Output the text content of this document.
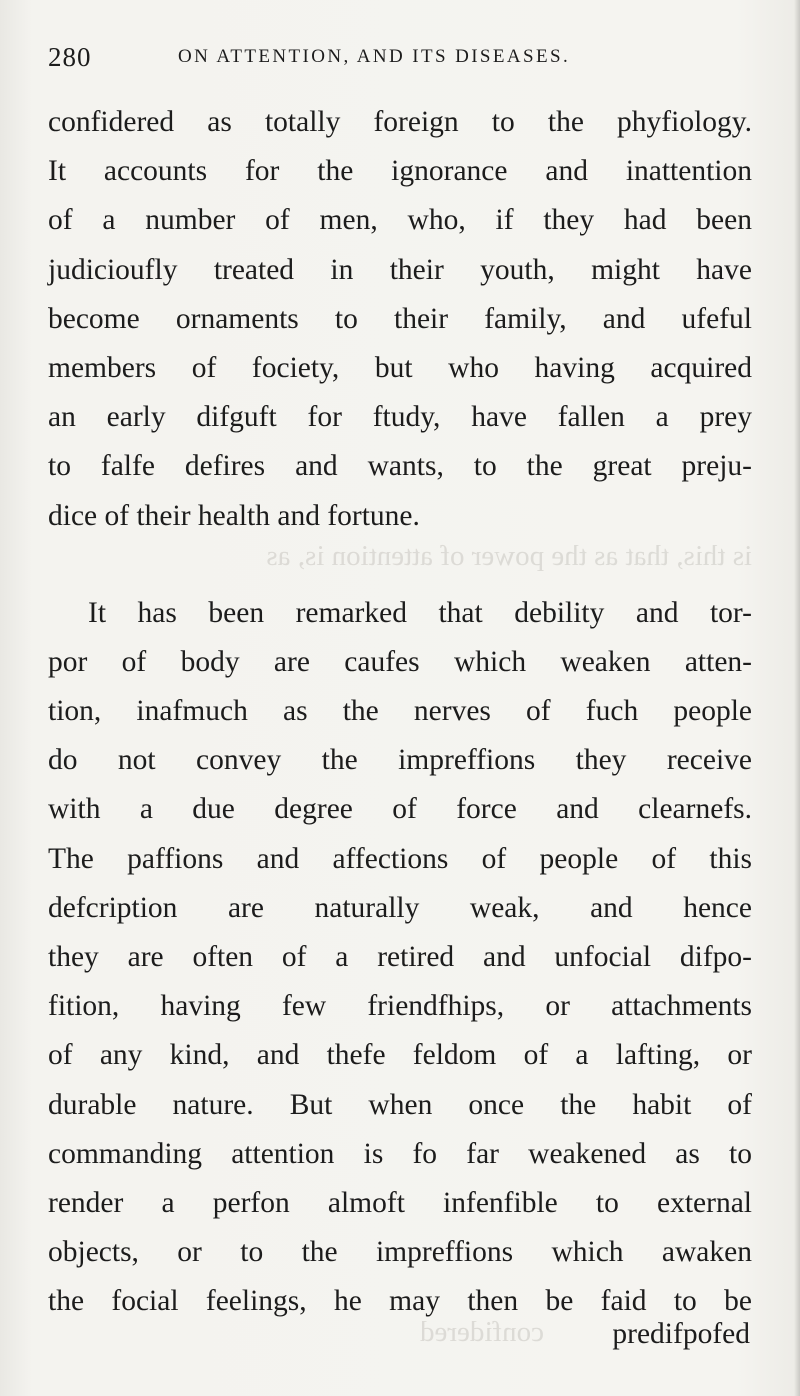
is this, that as the power of attention is, as
confidered
280	ON ATTENTION, AND ITS DISEASES.
confidered as totally foreign to the phyfiology.
It accounts for the ignorance and inattention
of a number of men, who, if they had been
judicioufly treated in their youth, might have
become ornaments to their family, and ufeful
members of fociety, but who having acquired
an early difguft for ftudy, have fallen a prey
to falfe defires and wants, to the great preju-
dice of their health and fortune.
It has been remarked that debility and tor-
por of body are caufes which weaken atten-
tion, inafmuch as the nerves of fuch people
do not convey the impreffions they receive
with a due degree of force and clearnefs.
The paffions and affections of people of this
defcription are naturally weak, and hence
they are often of a retired and unfocial difpo-
fition, having few friendfhips, or attachments
of any kind, and thefe feldom of a lafting, or
durable nature. But when once the habit of
commanding attention is fo far weakened as to
render a perfon almoft infenfible to external
objects, or to the impreffions which awaken
the focial feelings, he may then be faid to be
predifpofed
